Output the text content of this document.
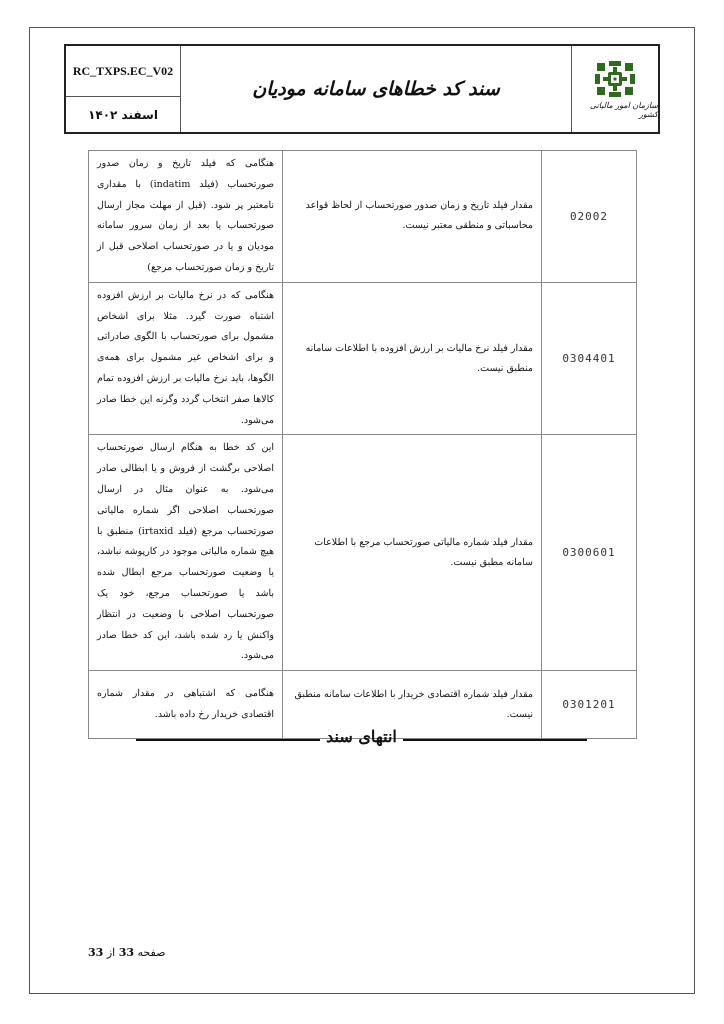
RC_TXPS.EC_V02
اسفند ۱۴۰۲
سند کد خطاهای سامانه مودیان
سازمان امور مالیاتی کشور
02002	مقدار فیلد تاریخ و زمان صدور صورتحساب از لحاظ قواعد محاسباتی و منطقی معتبر نیست.	هنگامی که فیلد تاریخ و زمان صدور صورتحساب (فیلد indatim) با مقداری نامعتبر پر شود. (قبل از مهلت مجاز ارسال صورتحساب یا بعد از زمان سرور سامانه مودیان و یا در صورتحساب اصلاحی قبل از تاریخ و زمان صورتحساب مرجع)
0304401	مقدار فیلد نرخ مالیات بر ارزش افزوده با اطلاعات سامانه منطبق نیست.	هنگامی که در نرخ مالیات بر ارزش افزوده اشتباه صورت گیرد. مثلا برای اشخاص مشمول برای صورتحساب با الگوی صادراتی و برای اشخاص غیر مشمول برای همه‌ی الگوها، باید نرخ مالیات بر ارزش افزوده تمام کالاها صفر انتخاب گردد وگرنه این خطا صادر می‌شود.
0300601	مقدار فیلد شماره مالیاتی صورتحساب مرجع با اطلاعات سامانه مطبق نیست.	این کد خطا به هنگام ارسال صورتحساب اصلاحی برگشت از فروش و یا ابطالی صادر می‌شود. به عنوان مثال در ارسال صورتحساب اصلاحی اگر شماره مالیاتی صورتحساب مرجع (فیلد irtaxid) منطبق با هیچ شماره مالیاتی موجود در کارپوشه نباشد، یا وضعیت صورتحساب مرجع ابطال شده باشد یا صورتحساب مرجع، خود یک صورتحساب اصلاحی با وضعیت در انتظار واکنش یا رد شده باشد، این کد خطا صادر می‌شود.
0301201	مقدار فیلد شماره اقتصادی خریدار با اطلاعات سامانه منطبق نیست.	هنگامی که اشتباهی در مقدار شماره اقتصادی خریدار رخ داده باشد.
انتهای سند
صفحه 33 از 33
